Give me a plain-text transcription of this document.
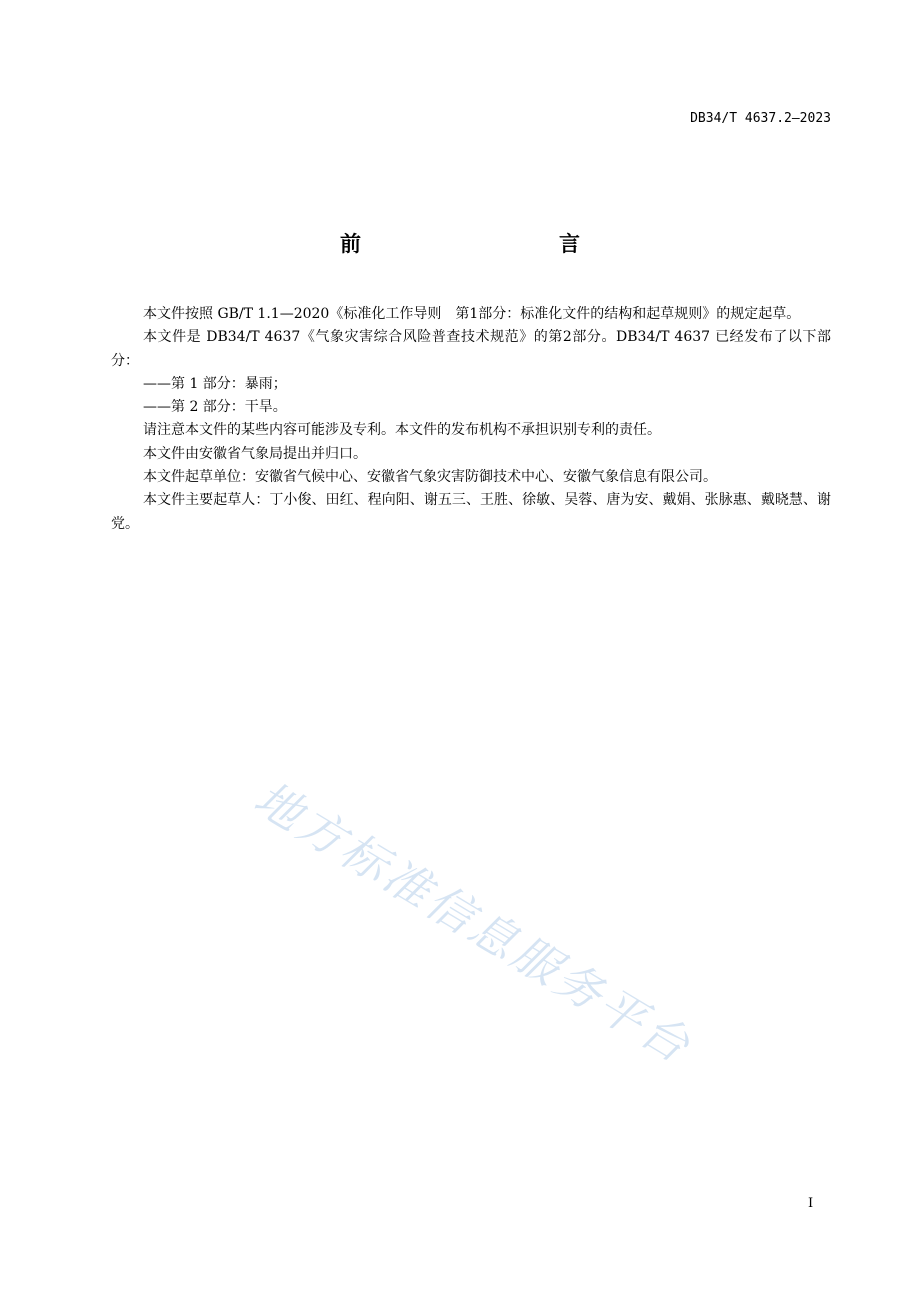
DB34/T 4637.2—2023
前　　言

本文件按照 GB/T 1.1—2020《标准化工作导则　第1部分：标准化文件的结构和起草规则》的规定起草。

本文件是 DB34/T 4637《气象灾害综合风险普查技术规范》的第2部分。DB34/T 4637 已经发布了以下部分：

——第 1 部分：暴雨；

——第 2 部分：干旱。

请注意本文件的某些内容可能涉及专利。本文件的发布机构不承担识别专利的责任。

本文件由安徽省气象局提出并归口。

本文件起草单位：安徽省气候中心、安徽省气象灾害防御技术中心、安徽气象信息有限公司。

本文件主要起草人：丁小俊、田红、程向阳、谢五三、王胜、徐敏、吴蓉、唐为安、戴娟、张脉惠、戴晓慧、谢党。

地方标准信息服务平台
I
